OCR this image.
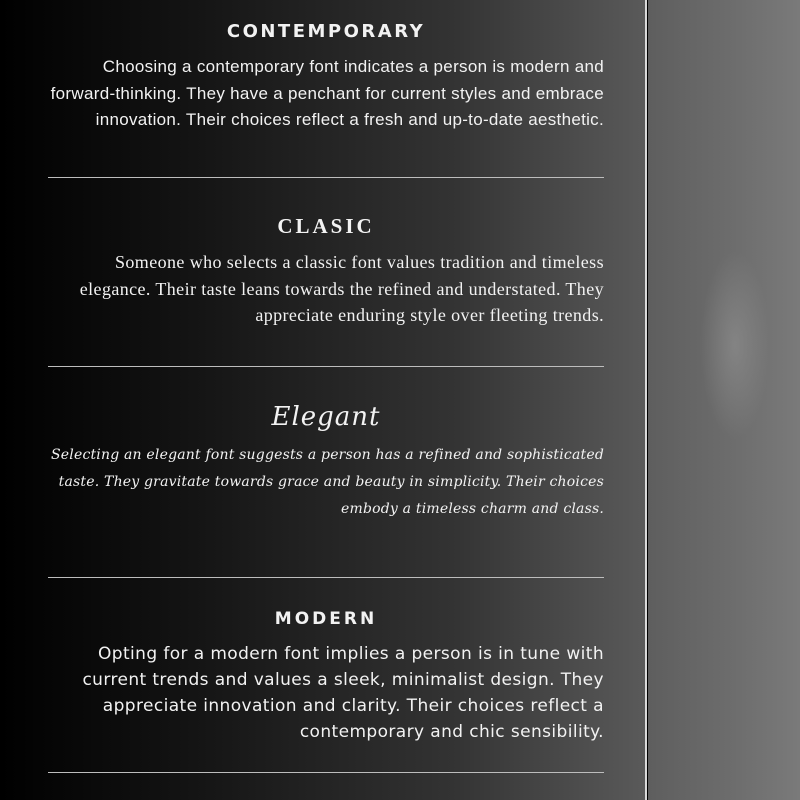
CONTEMPORARY

Choosing a contemporary font indicates a person is modern and forward-thinking. They have a penchant for current styles and embrace innovation. Their choices reflect a fresh and up-to-date aesthetic.

CLASIC

Someone who selects a classic font values tradition and timeless elegance. Their taste leans towards the refined and understated. They appreciate enduring style over fleeting trends.

Elegant

Selecting an elegant font suggests a person has a refined and sophisticated taste. They gravitate towards grace and beauty in simplicity. Their choices embody a timeless charm and class.

MODERN

Opting for a modern font implies a person is in tune with current trends and values a sleek, minimalist design. They appreciate innovation and clarity. Their choices reflect a contemporary and chic sensibility.
